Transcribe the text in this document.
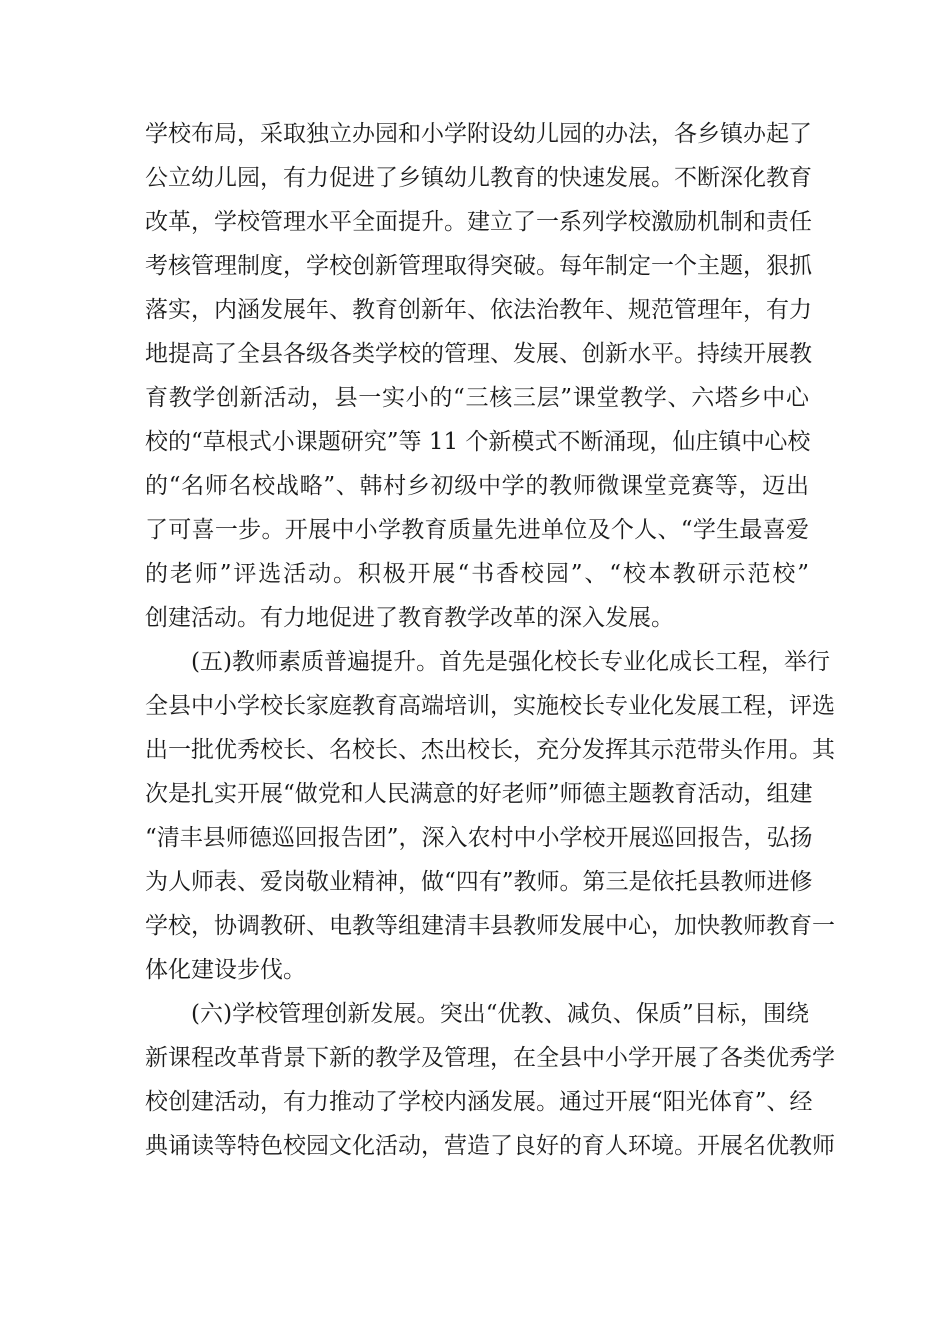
学校布局，采取独立办园和小学附设幼儿园的办法，各乡镇办起了
公立幼儿园，有力促进了乡镇幼儿教育的快速发展。不断深化教育
改革，学校管理水平全面提升。建立了一系列学校激励机制和责任
考核管理制度，学校创新管理取得突破。每年制定一个主题，狠抓
落实，内涵发展年、教育创新年、依法治教年、规范管理年，有力
地提高了全县各级各类学校的管理、发展、创新水平。持续开展教
育教学创新活动，县一实小的“三核三层”课堂教学、六塔乡中心
校的“草根式小课题研究”等 11 个新模式不断涌现，仙庄镇中心校
的“名师名校战略”、韩村乡初级中学的教师微课堂竞赛等，迈出
了可喜一步。开展中小学教育质量先进单位及个人、“学生最喜爱
的老师”评选活动。积极开展“书香校园”、“校本教研示范校”
创建活动。有力地促进了教育教学改革的深入发展。
(五)教师素质普遍提升。首先是强化校长专业化成长工程，举行
全县中小学校长家庭教育高端培训，实施校长专业化发展工程，评选
出一批优秀校长、名校长、杰出校长，充分发挥其示范带头作用。其
次是扎实开展“做党和人民满意的好老师”师德主题教育活动，组建
“清丰县师德巡回报告团”，深入农村中小学校开展巡回报告，弘扬
为人师表、爱岗敬业精神，做“四有”教师。第三是依托县教师进修
学校，协调教研、电教等组建清丰县教师发展中心，加快教师教育一
体化建设步伐。
(六)学校管理创新发展。突出“优教、减负、保质”目标，围绕
新课程改革背景下新的教学及管理，在全县中小学开展了各类优秀学
校创建活动，有力推动了学校内涵发展。通过开展“阳光体育”、经
典诵读等特色校园文化活动，营造了良好的育人环境。开展名优教师
